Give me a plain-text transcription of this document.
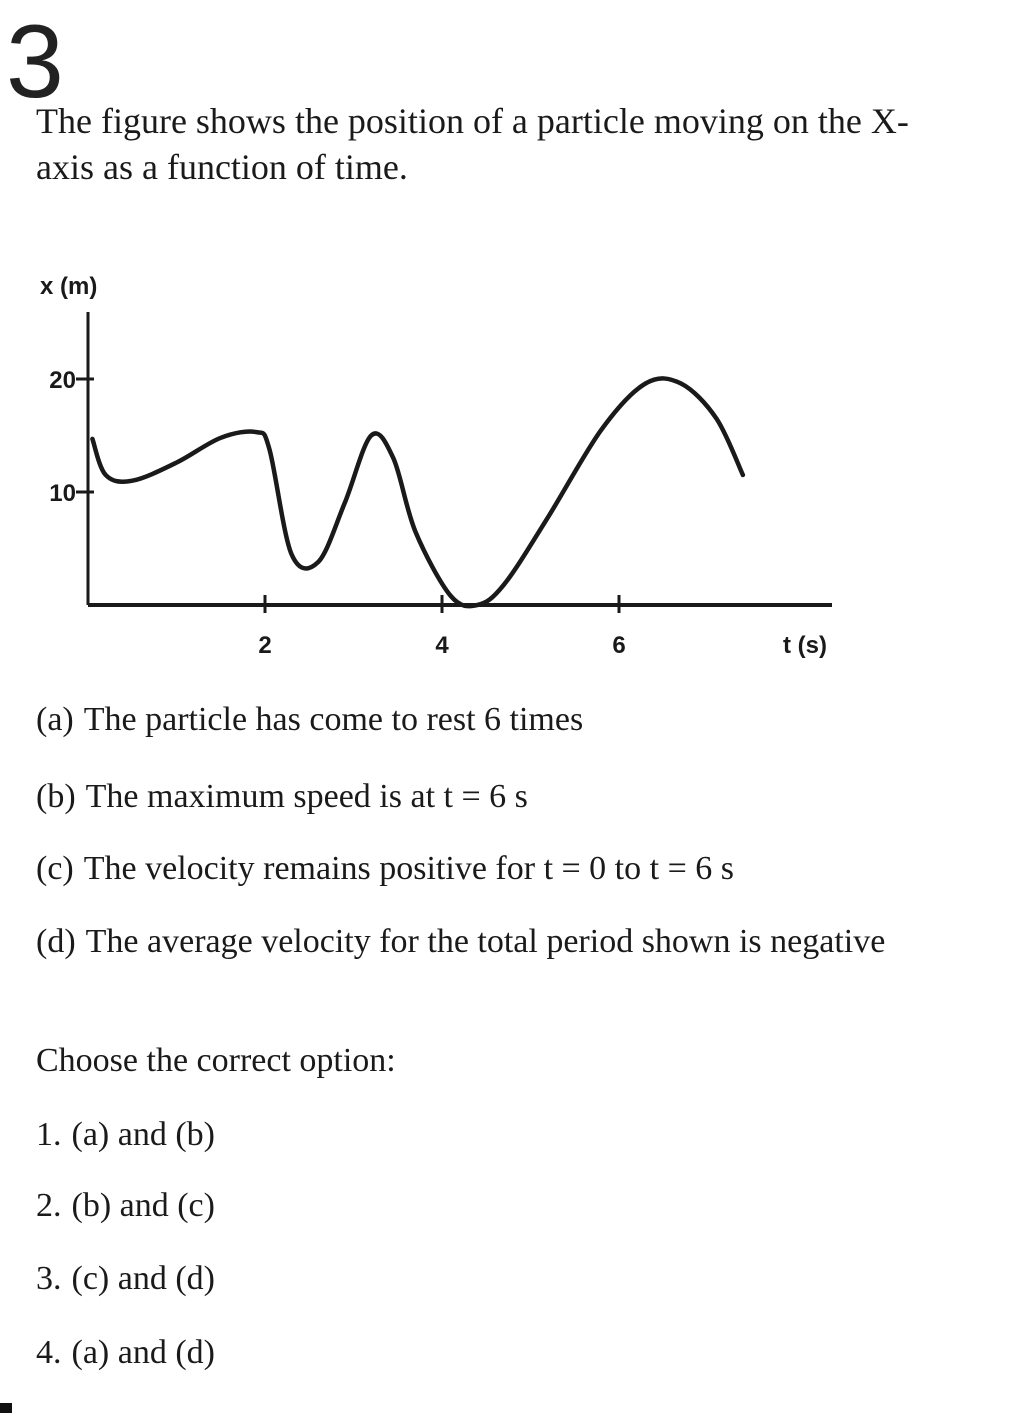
3
The figure shows the position of a particle moving on the X-axis as a function of time.
2	4	6
10
20
x (m)
t (s)
(a) The particle has come to rest 6 times
(b) The maximum speed is at t = 6 s
(c) The velocity remains positive for t = 0 to t = 6 s
(d) The average velocity for the total period shown is negative
Choose the correct option:
1. (a) and (b)
2. (b) and (c)
3. (c) and (d)
4. (a) and (d)
